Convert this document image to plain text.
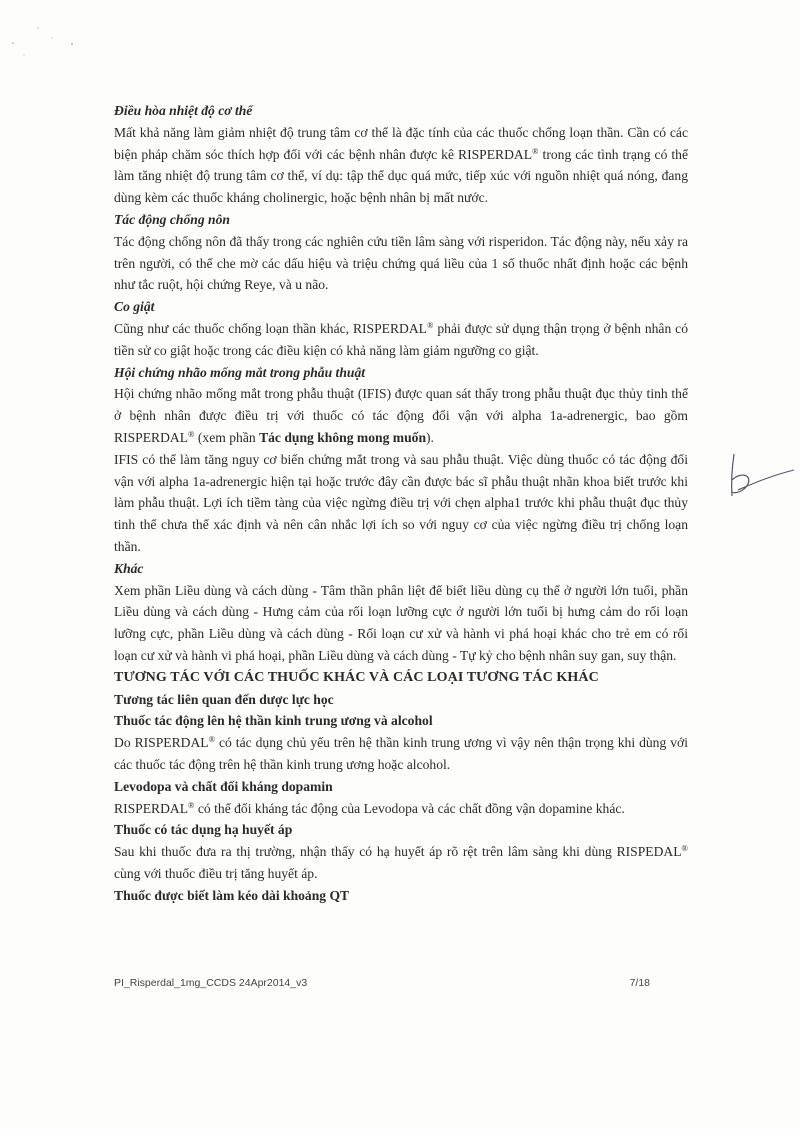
Điều hòa nhiệt độ cơ thể

Mất khả năng làm giảm nhiệt độ trung tâm cơ thể là đặc tính của các thuốc chống loạn thần. Cần có các biện pháp chăm sóc thích hợp đối với các bệnh nhân được kê RISPERDAL® trong các tình trạng có thể làm tăng nhiệt độ trung tâm cơ thể, ví dụ: tập thể dục quá mức, tiếp xúc với nguồn nhiệt quá nóng, đang dùng kèm các thuốc kháng cholinergic, hoặc bệnh nhân bị mất nước.

Tác động chống nôn

Tác động chống nôn đã thấy trong các nghiên cứu tiền lâm sàng với risperidon. Tác động này, nếu xảy ra trên người, có thể che mờ các dấu hiệu và triệu chứng quá liều của 1 số thuốc nhất định hoặc các bệnh như tắc ruột, hội chứng Reye, và u não.

Co giật

Cũng như các thuốc chống loạn thần khác, RISPERDAL® phải được sử dụng thận trọng ở bệnh nhân có tiền sử co giật hoặc trong các điều kiện có khả năng làm giảm ngưỡng co giật.

Hội chứng nhão mống mắt trong phẫu thuật

Hội chứng nhão mống mắt trong phẫu thuật (IFIS) được quan sát thấy trong phẫu thuật đục thủy tinh thể ở bệnh nhân được điều trị với thuốc có tác động đối vận với alpha 1a-adrenergic, bao gồm RISPERDAL® (xem phần Tác dụng không mong muốn).

IFIS có thể làm tăng nguy cơ biến chứng mắt trong và sau phẫu thuật. Việc dùng thuốc có tác động đối vận với alpha 1a-adrenergic hiện tại hoặc trước đây cần được bác sĩ phẫu thuật nhãn khoa biết trước khi làm phẫu thuật. Lợi ích tiềm tàng của việc ngừng điều trị với chẹn alpha1 trước khi phẫu thuật đục thủy tinh thể chưa thể xác định và nên cân nhắc lợi ích so với nguy cơ của việc ngừng điều trị chống loạn thần.

Khác

Xem phần Liều dùng và cách dùng - Tâm thần phân liệt để biết liều dùng cụ thể ở người lớn tuổi, phần Liều dùng và cách dùng - Hưng cảm của rối loạn lưỡng cực ở người lớn tuổi bị hưng cảm do rối loạn lưỡng cực, phần Liều dùng và cách dùng - Rối loạn cư xử và hành vi phá hoại khác cho trẻ em có rối loạn cư xử và hành vi phá hoại, phần Liều dùng và cách dùng - Tự kỷ cho bệnh nhân suy gan, suy thận.

TƯƠNG TÁC VỚI CÁC THUỐC KHÁC VÀ CÁC LOẠI TƯƠNG TÁC KHÁC

Tương tác liên quan đến dược lực học

Thuốc tác động lên hệ thần kinh trung ương và alcohol

Do RISPERDAL® có tác dụng chủ yếu trên hệ thần kinh trung ương vì vậy nên thận trọng khi dùng với các thuốc tác động trên hệ thần kinh trung ương hoặc alcohol.

Levodopa và chất đối kháng dopamin

RISPERDAL® có thể đối kháng tác động của Levodopa và các chất đồng vận dopamine khác.

Thuốc có tác dụng hạ huyết áp

Sau khi thuốc đưa ra thị trường, nhận thấy có hạ huyết áp rõ rệt trên lâm sàng khi dùng RISPEDAL® cùng với thuốc điều trị tăng huyết áp.

Thuốc được biết làm kéo dài khoảng QT

PI_Risperdal_1mg_CCDS 24Apr2014_v3	7/18
